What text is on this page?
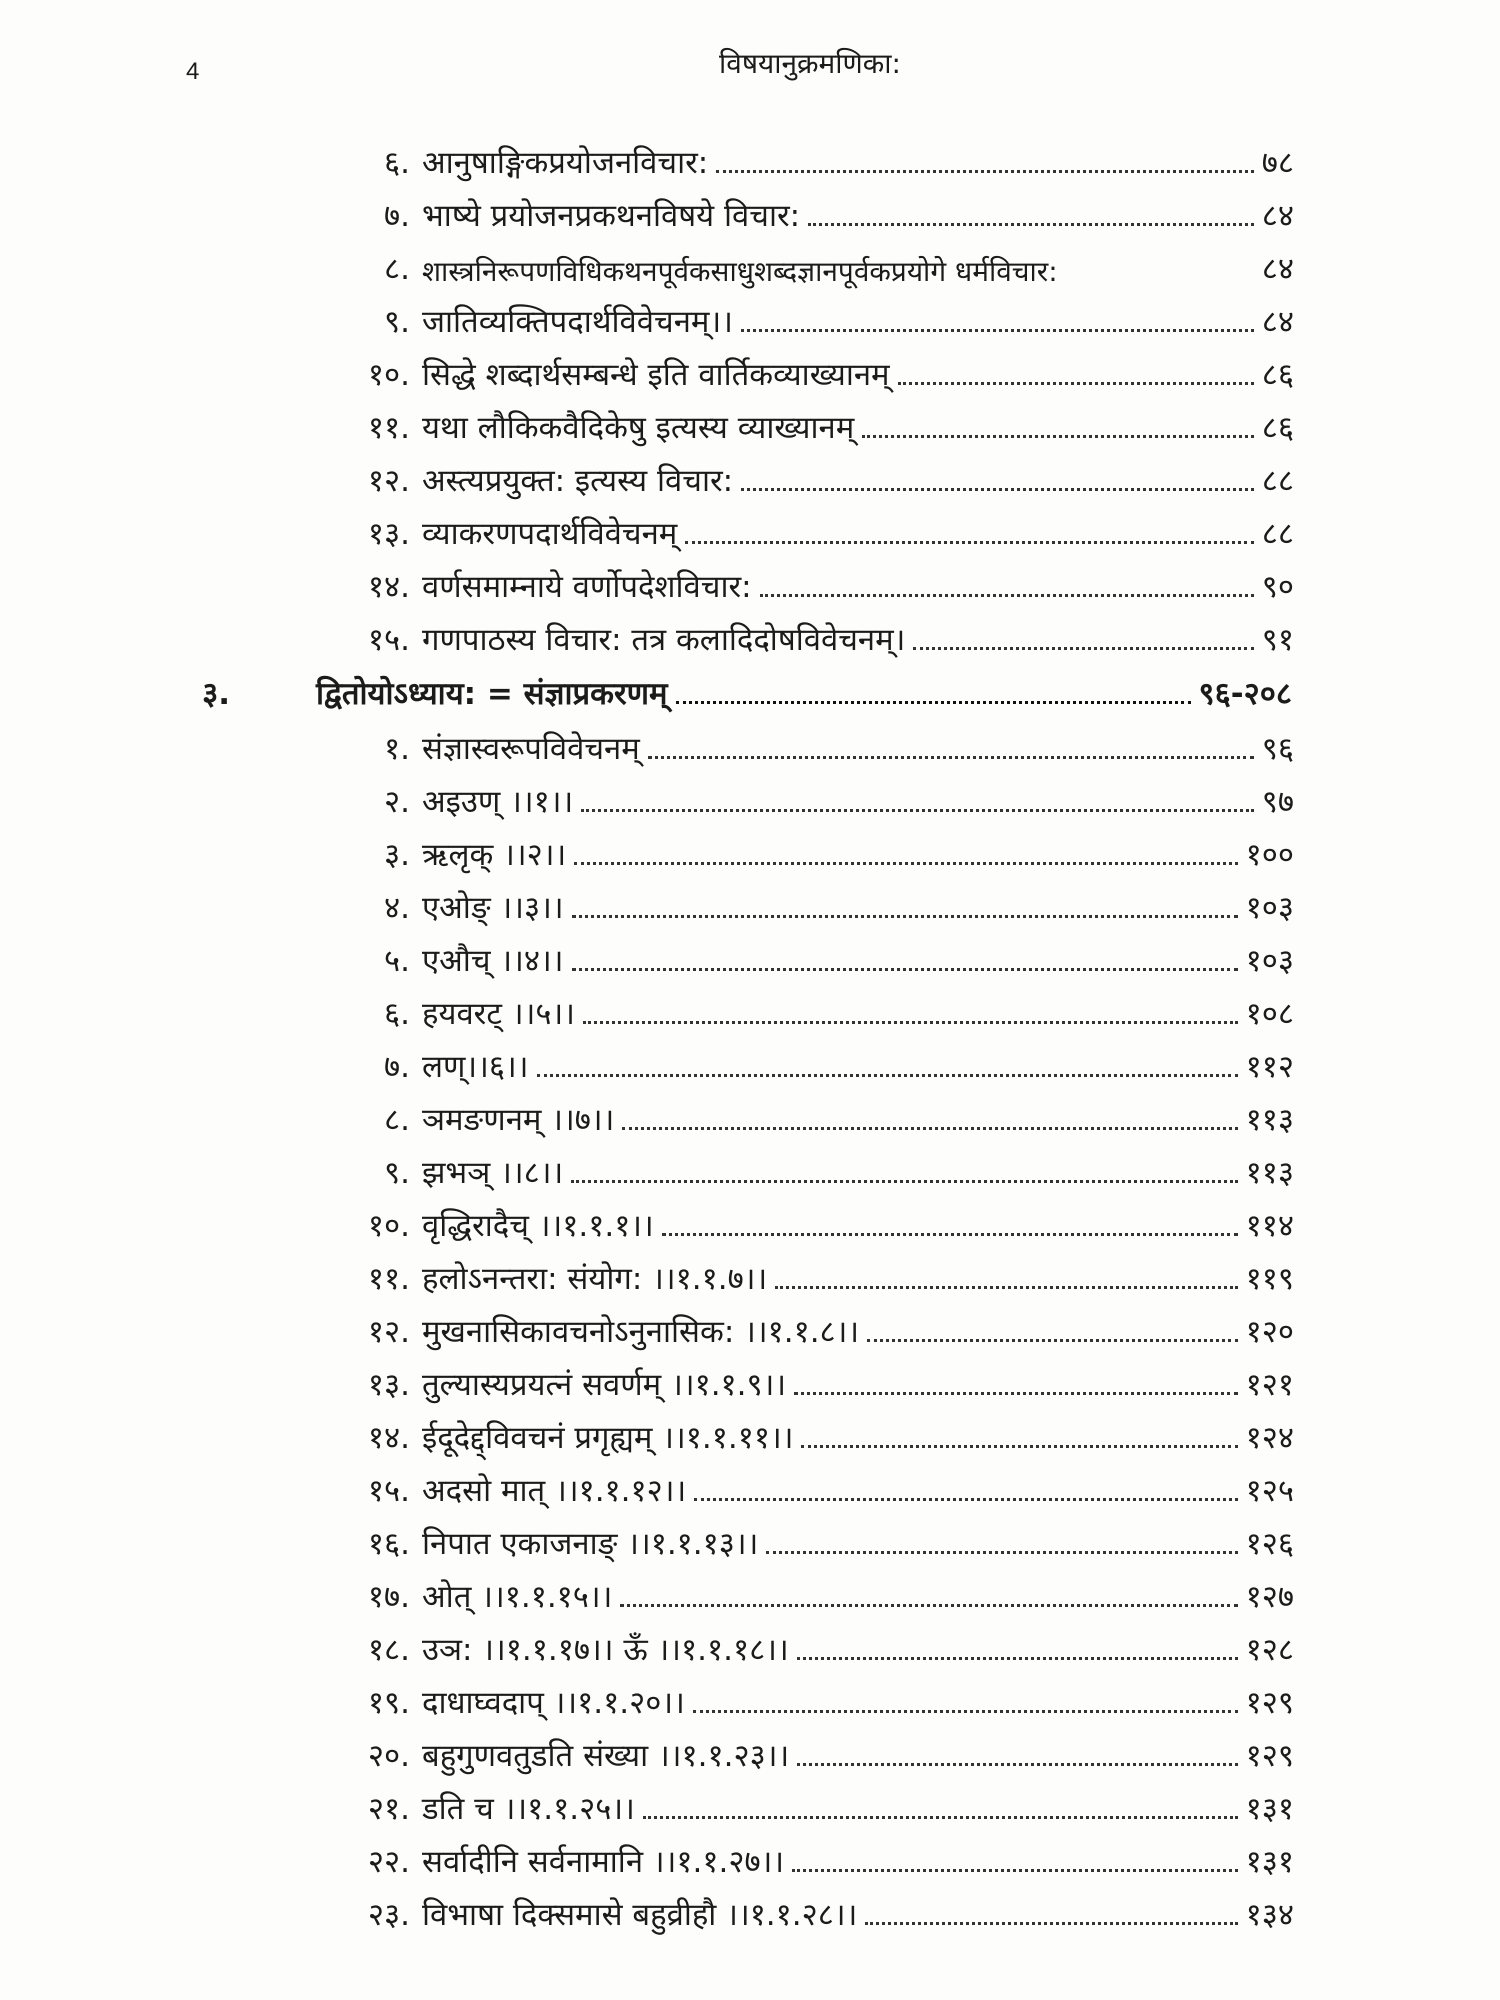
4	विषयानुक्रमणिका:
६. आनुषाङ्गिकप्रयोजनविचार:	७८
७. भाष्ये प्रयोजनप्रकथनविषये विचार:	८४
८. शास्त्रनिरूपणविधिकथनपूर्वकसाधुशब्दज्ञानपूर्वकप्रयोगे धर्मविचार:	८४
९. जातिव्यक्तिपदार्थविवेचनम्।।	८४
१०. सिद्धे शब्दार्थसम्बन्धे इति वार्तिकव्याख्यानम्	८६
११. यथा लौकिकवैदिकेषु इत्यस्य व्याख्यानम्	८६
१२. अस्त्यप्रयुक्त: इत्यस्य विचार:	८८
१३. व्याकरणपदार्थविवेचनम्	८८
१४. वर्णसमाम्नाये वर्णोपदेशविचार:	९०
१५. गणपाठस्य विचार: तत्र कलादिदोषविवेचनम्।	९१
३.	द्वितोयोऽध्याय: = संज्ञाप्रकरणम्	९६-२०८
१. संज्ञास्वरूपविवेचनम्	९६
२. अइउण् ।।१।।	९७
३. ऋलृक् ।।२।।	१००
४. एओङ् ।।३।।	१०३
५. एऔच् ।।४।।	१०३
६. हयवरट् ।।५।।	१०८
७. लण्।।६।।	११२
८. ञमङणनम् ।।७।।	११३
९. झभञ् ।।८।।	११३
१०. वृद्धिरादैच् ।।१.१.१।।	११४
११. हलोऽनन्तरा: संयोग: ।।१.१.७।।	११९
१२. मुखनासिकावचनोऽनुनासिक: ।।१.१.८।।	१२०
१३. तुल्यास्यप्रयत्नं सवर्णम् ।।१.१.९।।	१२१
१४. ईदूदेद्द्विवचनं प्रगृह्यम् ।।१.१.११।।	१२४
१५. अदसो मात् ।।१.१.१२।।	१२५
१६. निपात एकाजनाङ् ।।१.१.१३।।	१२६
१७. ओत् ।।१.१.१५।।	१२७
१८. उञ: ।।१.१.१७।। ऊँ ।।१.१.१८।।	१२८
१९. दाधाघ्वदाप् ।।१.१.२०।।	१२९
२०. बहुगुणवतुडति संख्या ।।१.१.२३।।	१२९
२१. डति च ।।१.१.२५।।	१३१
२२. सर्वादीनि सर्वनामानि ।।१.१.२७।।	१३१
२३. विभाषा दिक्समासे बहुव्रीहौ ।।१.१.२८।।	१३४
